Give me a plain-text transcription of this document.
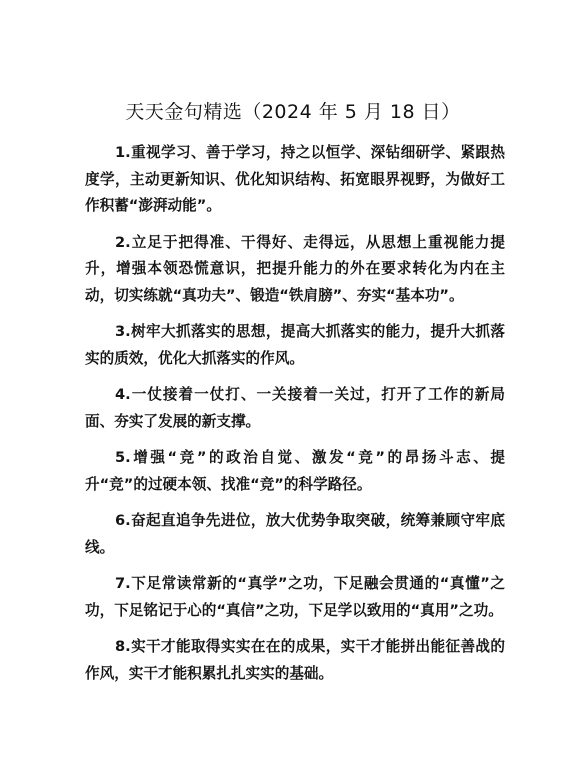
天天金句精选（2024 年 5 月 18 日）

1.重视学习、善于学习，持之以恒学、深钻细研学、紧跟热度学，主动更新知识、优化知识结构、拓宽眼界视野，为做好工作积蓄“澎湃动能”。

2.立足于把得准、干得好、走得远，从思想上重视能力提升，增强本领恐慌意识，把提升能力的外在要求转化为内在主动，切实练就“真功夫”、锻造“铁肩膀”、夯实“基本功”。

3.树牢大抓落实的思想，提高大抓落实的能力，提升大抓落实的质效，优化大抓落实的作风。

4.一仗接着一仗打、一关接着一关过，打开了工作的新局面、夯实了发展的新支撑。

5.增强“竞”的政治自觉、激发“竞”的昂扬斗志、提升“竞”的过硬本领、找准“竞”的科学路径。

6.奋起直追争先进位，放大优势争取突破，统筹兼顾守牢底线。

7.下足常读常新的“真学”之功，下足融会贯通的“真懂”之功，下足铭记于心的“真信”之功，下足学以致用的“真用”之功。

8.实干才能取得实实在在的成果，实干才能拼出能征善战的作风，实干才能积累扎扎实实的基础。
